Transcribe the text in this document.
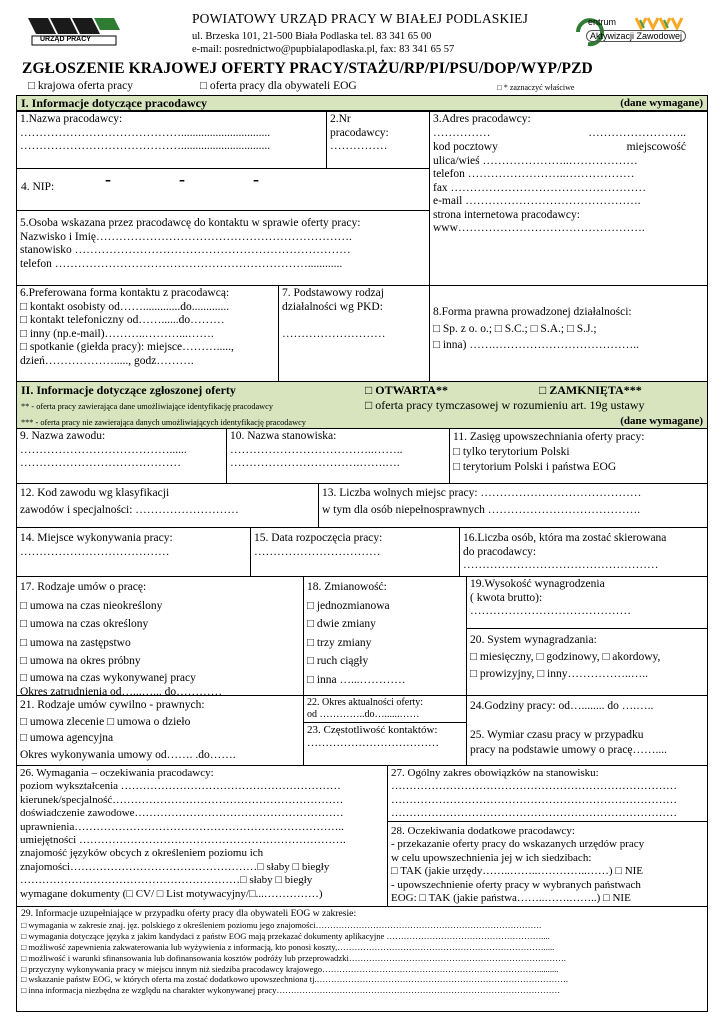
URZĄD PRACY
entrum
Aktywizacji Zawodowej
POWIATOWY URZĄD PRACY W BIAŁEJ PODLASKIEJ
ul. Brzeska 101, 21-500 Biała Podlaska tel. 83 341 65 00
e-mail: posrednictwo@pupbialapodlaska.pl, fax: 83 341 65 57
ZGŁOSZENIE KRAJOWEJ OFERTY PRACY/STAŻU/RP/PI/PSU/DOP/WYP/PZD
□ krajowa oferta pracy	□ oferta pracy dla obywateli EOG	□ * zaznaczyć właściwe
I. Informacje dotyczące pracodawcy	(dane wymagane)
1.Nazwa pracodawcy:
……………………………………...............................
……………………………………...............................
2.Nr
pracodawcy:
……………
3.Adres pracodawcy:
……………	……………………..
kod pocztowy	miejscowość
ulica/wieś …………………..………………
telefon ……………………..………………
fax ……………………………………………
e-mail ……………………………………….
strona internetowa pracodawcy:
www………………………………………….
4. NIP:	-    -    -
5.Osoba wskazana przez pracodawcę do kontaktu w sprawie oferty pracy:
Nazwisko i Imię………………………………………………………….
stanowisko ………………………………………………………………
telefon …………………………………………………………............
6.Preferowana forma kontaktu z pracodawcą:
□ kontakt osobisty od…….............do.............
□ kontakt telefoniczny od……......do………
□ inny (np.e-mail)………..………...…….
□ spotkanie (giełda pracy): miejsce……….....,
dzień………………....., godz……….
7. Podstawowy rodzaj
działalności wg PKD:
………………………
8.Forma prawna prowadzonej działalności:
□ Sp. z o. o.; □ S.C.; □ S.A.; □ S.J.;
□ inna) …….………………………………..
II. Informacje dotyczące zgłoszonej oferty	□ OTWARTA**	□ ZAMKNIĘTA***
** - oferta pracy zawierająca dane umożliwiające identyfikację pracodawcy
*** - oferta pracy nie zawierająca danych umożliwiających identyfikację pracodawcy
□ oferta pracy tymczasowej w rozumieniu art. 19g ustawy
(dane wymagane)
9. Nazwa zawodu:
…………………………………......
……………………………………
10. Nazwa stanowiska:
………………………………..……..
…………………………….…….….
11. Zasięg upowszechniania oferty pracy:
□ tylko terytorium Polski
□ terytorium Polski i państwa EOG
12. Kod zawodu wg klasyfikacji
zawodów i specjalności: ………………………
13. Liczba wolnych miejsc pracy: ……………………………………
w tym dla osób niepełnosprawnych ………………………………….
14. Miejsce wykonywania pracy:
…………………………………
15. Data rozpoczęcia pracy:
……………………………
16.Liczba osób, która ma zostać skierowana
do pracodawcy:
……………………………………………
17. Rodzaje umów o pracę:
□ umowa na czas nieokreślony
□ umowa na czas określony
□ umowa na zastępstwo
□ umowa na okres próbny
□ umowa na czas wykonywanej pracy
Okres zatrudnienia od…...…... do…………
18. Zmianowość:
□ jednozmianowa
□ dwie zmiany
□ trzy zmiany
□ ruch ciągły
□ inna …...…………
19.Wysokość wynagrodzenia
( kwota brutto):
……………………………………
20. System wynagradzania:
□ miesięczny, □ godzinowy, □ akordowy,
□ prowizyjny, □ inny……………..…..
21. Rodzaje umów cywilno - prawnych:
□ umowa zlecenie □ umowa o dzieło
□ umowa agencyjna
Okres wykonywania umowy od……. .do…….
22. Okres aktualności oferty:
od …………..do…......……
23. Częstotliwość kontaktów:
………………………………
24.Godziny pracy: od…........ do ….…..
25. Wymiar czasu pracy w przypadku
pracy na podstawie umowy o pracę……....
26. Wymagania – oczekiwania pracodawcy:
poziom wykształcenia ……………………………………………………
kierunek/specjalność………………………………………………………
doświadczenie zawodowe…………………………………………………
uprawnienia………………………………………………………………..
umiejętności ……………………………………………………………….
znajomość języków obcych z określeniem poziomu ich
znajomości……………………………………………□ słaby □ biegły
……………………………………………………□ słaby □ biegły
wymagane dokumenty (□ CV/ □ List motywacyjny/□...……………)
27. Ogólny zakres obowiązków na stanowisku:
……………………………………………………………………
……………………………………………………………………
……………………………………………………………………
28. Oczekiwania dodatkowe pracodawcy:
- przekazanie oferty pracy do wskazanych urzędów pracy
w celu upowszechnienia jej w ich siedzibach:
□ TAK (jakie urzędy……..……..…………..……) □ NIE
- upowszechnienie oferty pracy w wybranych państwach
EOG: □ TAK (jakie państwa……..…….……..) □ NIE
29. Informacje uzupełniające w przypadku oferty pracy dla obywateli EOG w zakresie:
□ wymagania w zakresie znaj. jęz. polskiego z określeniem poziomu jego znajomości…………………………………………………………………….
□ wymagania dotyczące języka z jakim kandydaci z państw EOG mają przekazać dokumenty aplikacyjne ………………………………………………....
□ możliwość zapewnienia zakwaterowania lub wyżywienia z informacją, kto ponosi koszty,……………………………………………………………….....
□ możliwość i warunki sfinansowania lub dofinansowania kosztów podróży lub przeprowadzki………………………………………………………………….
□ przyczyny wykonywania pracy w miejscu innym niż siedziba pracodawcy krajowego…………………………………………………………………..........
□ wskazanie państw EOG, w których oferta ma zostać dodatkowo upowszechniona tj.…………………………………………………………………………….
□ inna informacja niezbędna ze względu na charakter wykonywanej pracy………………………………………………………………………………………
